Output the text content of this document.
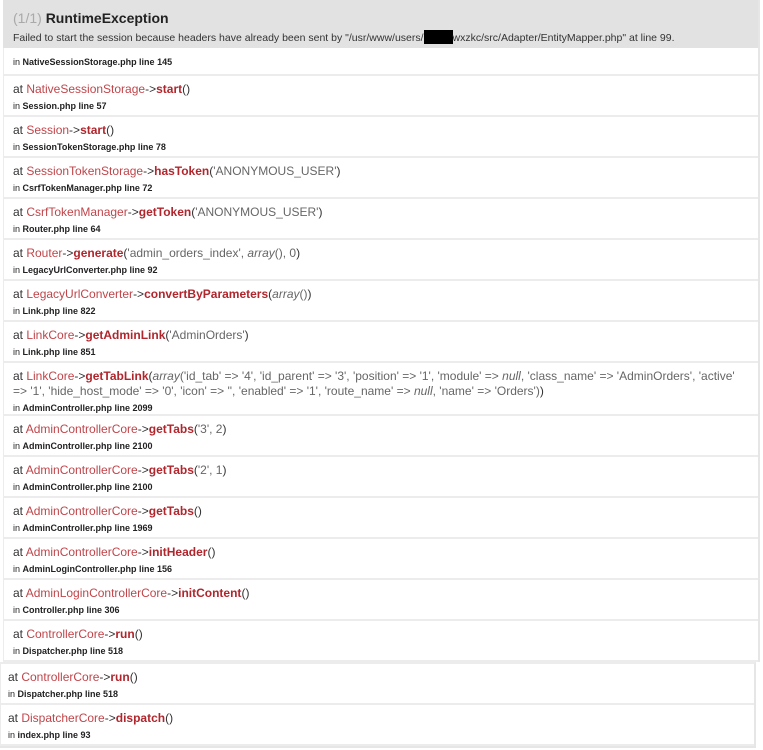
(1/1) RuntimeException
Failed to start the session because headers have already been sent by "/usr/www/users/	wxzkc/src/Adapter/EntityMapper.php" at line 99.
in NativeSessionStorage.php line 145
at NativeSessionStorage->start()
in Session.php line 57
at Session->start()
in SessionTokenStorage.php line 78
at SessionTokenStorage->hasToken('ANONYMOUS_USER')
in CsrfTokenManager.php line 72
at CsrfTokenManager->getToken('ANONYMOUS_USER')
in Router.php line 64
at Router->generate('admin_orders_index', array(), 0)
in LegacyUrlConverter.php line 92
at LegacyUrlConverter->convertByParameters(array())
in Link.php line 822
at LinkCore->getAdminLink('AdminOrders')
in Link.php line 851
at LinkCore->getTabLink(array('id_tab' => '4', 'id_parent' => '3', 'position' => '1', 'module' => null, 'class_name' => 'AdminOrders', 'active' => '1', 'hide_host_mode' => '0', 'icon' => '', 'enabled' => '1', 'route_name' => null, 'name' => 'Orders'))
in AdminController.php line 2099
at AdminControllerCore->getTabs('3', 2)
in AdminController.php line 2100
at AdminControllerCore->getTabs('2', 1)
in AdminController.php line 2100
at AdminControllerCore->getTabs()
in AdminController.php line 1969
at AdminControllerCore->initHeader()
in AdminLoginController.php line 156
at AdminLoginControllerCore->initContent()
in Controller.php line 306
at ControllerCore->run()
in Dispatcher.php line 518
at ControllerCore->run()
in Dispatcher.php line 518
at DispatcherCore->dispatch()
in index.php line 93
